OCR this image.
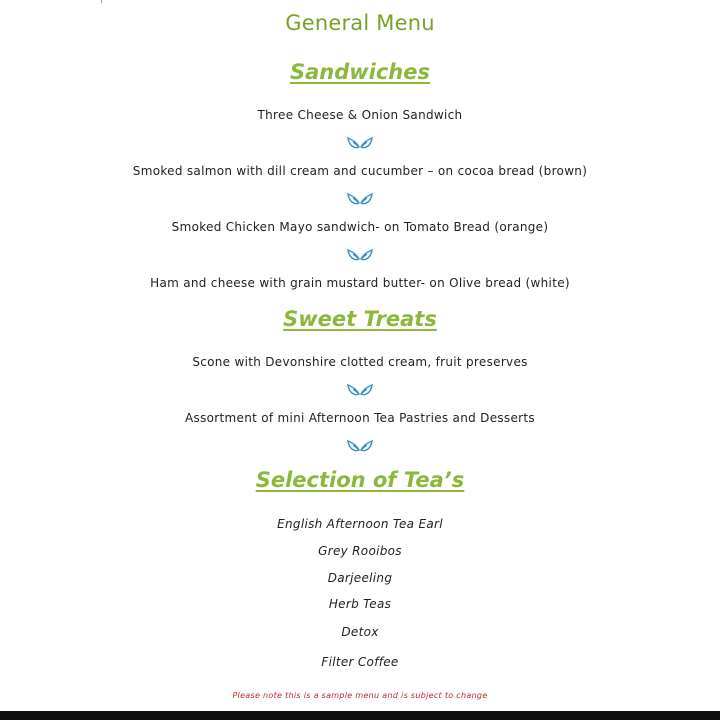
General Menu
Sandwiches
Three Cheese & Onion Sandwich
Smoked salmon with dill cream and cucumber – on cocoa bread (brown)
Smoked Chicken Mayo sandwich- on Tomato Bread (orange)
Ham and cheese with grain mustard butter- on Olive bread (white)
Sweet Treats
Scone with Devonshire clotted cream, fruit preserves
Assortment of mini Afternoon Tea Pastries and Desserts
Selection of Tea’s
English Afternoon Tea Earl
Grey Rooibos
Darjeeling
Herb Teas
Detox
Filter Coffee
Please note this is a sample menu and is subject to change
